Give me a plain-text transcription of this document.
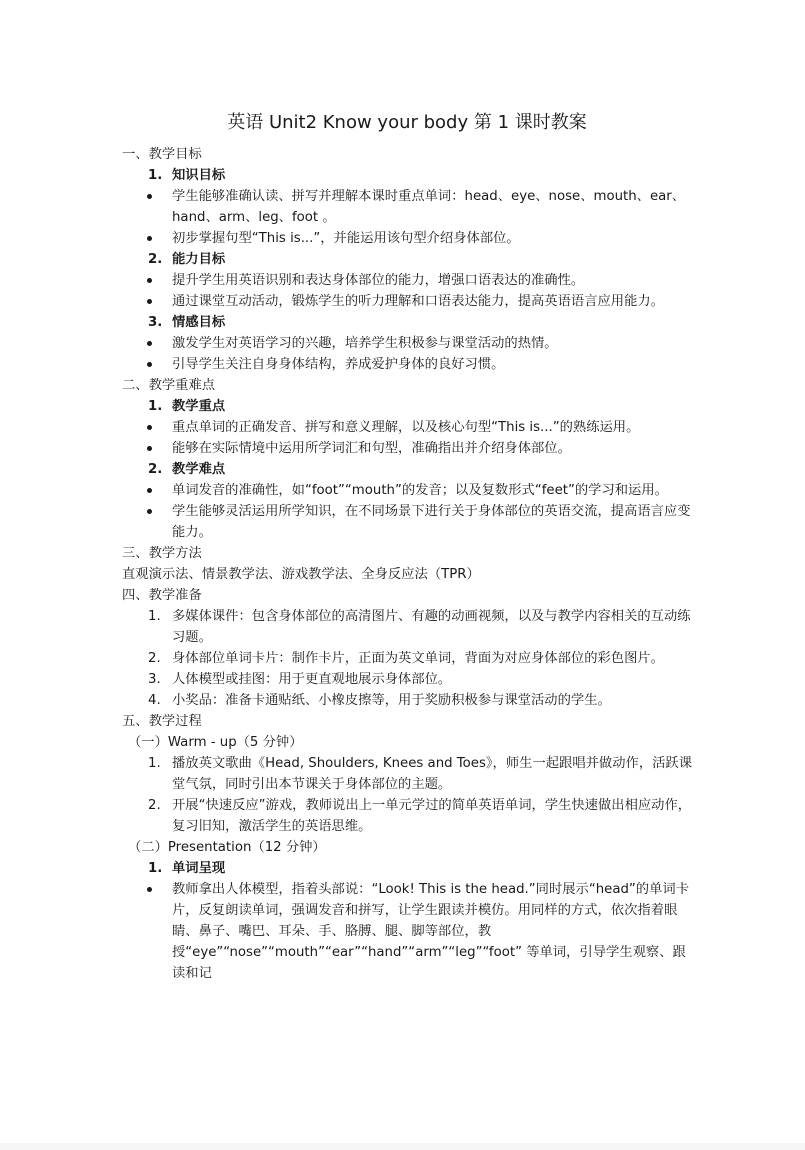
英语 Unit2 Know your body 第 1 课时教案

一、教学目标

1. 知识目标

学生能够准确认读、拼写并理解本课时重点单词：head、eye、nose、mouth、ear、hand、arm、leg、foot 。

初步掌握句型“This is...”，并能运用该句型介绍身体部位。

2. 能力目标

提升学生用英语识别和表达身体部位的能力，增强口语表达的准确性。

通过课堂互动活动，锻炼学生的听力理解和口语表达能力，提高英语语言应用能力。

3. 情感目标

激发学生对英语学习的兴趣，培养学生积极参与课堂活动的热情。

引导学生关注自身身体结构，养成爱护身体的良好习惯。

二、教学重难点

1. 教学重点

重点单词的正确发音、拼写和意义理解，以及核心句型“This is...”的熟练运用。

能够在实际情境中运用所学词汇和句型，准确指出并介绍身体部位。

2. 教学难点

单词发音的准确性，如“foot”“mouth”的发音；以及复数形式“feet”的学习和运用。

学生能够灵活运用所学知识，在不同场景下进行关于身体部位的英语交流，提高语言应变能力。

三、教学方法

直观演示法、情景教学法、游戏教学法、全身反应法（TPR）

四、教学准备

1. 多媒体课件：包含身体部位的高清图片、有趣的动画视频，以及与教学内容相关的互动练习题。

2. 身体部位单词卡片：制作卡片，正面为英文单词，背面为对应身体部位的彩色图片。

3. 人体模型或挂图：用于更直观地展示身体部位。

4. 小奖品：准备卡通贴纸、小橡皮擦等，用于奖励积极参与课堂活动的学生。

五、教学过程

（一）Warm - up（5 分钟）

1. 播放英文歌曲《Head, Shoulders, Knees and Toes》，师生一起跟唱并做动作，活跃课堂气氛，同时引出本节课关于身体部位的主题。

2. 开展“快速反应”游戏，教师说出上一单元学过的简单英语单词，学生快速做出相应动作，复习旧知，激活学生的英语思维。

（二）Presentation（12 分钟）

1. 单词呈现

教师拿出人体模型，指着头部说：“Look! This is the head.”同时展示“head”的单词卡片，反复朗读单词，强调发音和拼写，让学生跟读并模仿。用同样的方式，依次指着眼睛、鼻子、嘴巴、耳朵、手、胳膊、腿、脚等部位，教授“eye”“nose”“mouth”“ear”“hand”“arm”“leg”“foot” 等单词，引导学生观察、跟读和记
